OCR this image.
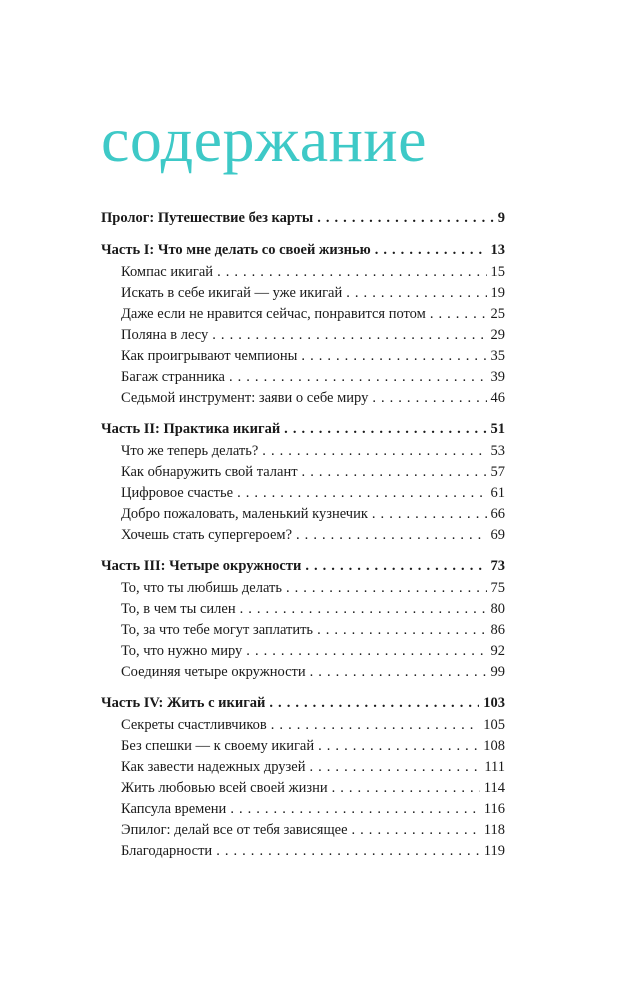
содержание
Пролог: Путешествие без карты . . .	9
Часть I: Что мне делать со своей жизнью . . .	13
Компас икигай . . .	15
Искать в себе икигай — уже икигай . . .	19
Даже если не нравится сейчас, понравится потом . . .	25
Поляна в лесу . . .	29
Как проигрывают чемпионы . . .	35
Багаж странника . . .	39
Седьмой инструмент: заяви о себе миру . . .	46
Часть II: Практика икигай . . .	51
Что же теперь делать? . . .	53
Как обнаружить свой талант . . .	57
Цифровое счастье . . .	61
Добро пожаловать, маленький кузнечик . . .	66
Хочешь стать супергероем? . . .	69
Часть III: Четыре окружности . . .	73
То, что ты любишь делать . . .	75
То, в чем ты силен . . .	80
То, за что тебе могут заплатить . . .	86
То, что нужно миру . . .	92
Соединяя четыре окружности . . .	99
Часть IV: Жить с икигай . . .	103
Секреты счастливчиков . . .	105
Без спешки — к своему икигай . . .	108
Как завести надежных друзей . . .	111
Жить любовью всей своей жизни . . .	114
Капсула времени . . .	116
Эпилог: делай все от тебя зависящее . . .	118
Благодарности . . .	119
